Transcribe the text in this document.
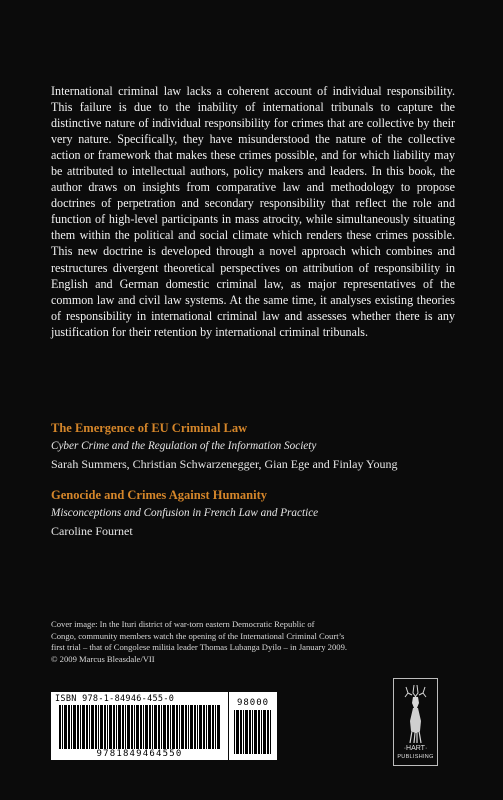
International criminal law lacks a coherent account of individual responsibility. This failure is due to the inability of international tribunals to capture the distinctive nature of individual responsibility for crimes that are collective by their very nature. Specifically, they have misunderstood the nature of the collective action or framework that makes these crimes possible, and for which liability may be attributed to intellectual authors, policy makers and leaders. In this book, the author draws on insights from comparative law and methodology to propose doctrines of perpetration and secondary responsibility that reflect the role and function of high-level participants in mass atrocity, while simultaneously situating them within the political and social climate which renders these crimes possible. This new doctrine is developed through a novel approach which combines and restructures divergent theoretical perspectives on attribution of responsibility in English and German domestic criminal law, as major representatives of the common law and civil law systems. At the same time, it analyses existing theories of responsibility in international criminal law and assesses whether there is any justification for their retention by international criminal tribunals.

The Emergence of EU Criminal Law

Cyber Crime and the Regulation of the Information Society

Sarah Summers, Christian Schwarzenegger, Gian Ege and Finlay Young

Genocide and Crimes Against Humanity

Misconceptions and Confusion in French Law and Practice

Caroline Fournet

Cover image: In the Ituri district of war-torn eastern Democratic Republic of
Congo, community members watch the opening of the International Criminal Court’s
first trial – that of Congolese militia leader Thomas Lubanga Dyilo – in January 2009.
© 2009 Marcus Bleasdale/VII
ISBN 978-1-84946-455-0
9781849464550
98000
·HART·
PUBLISHING
